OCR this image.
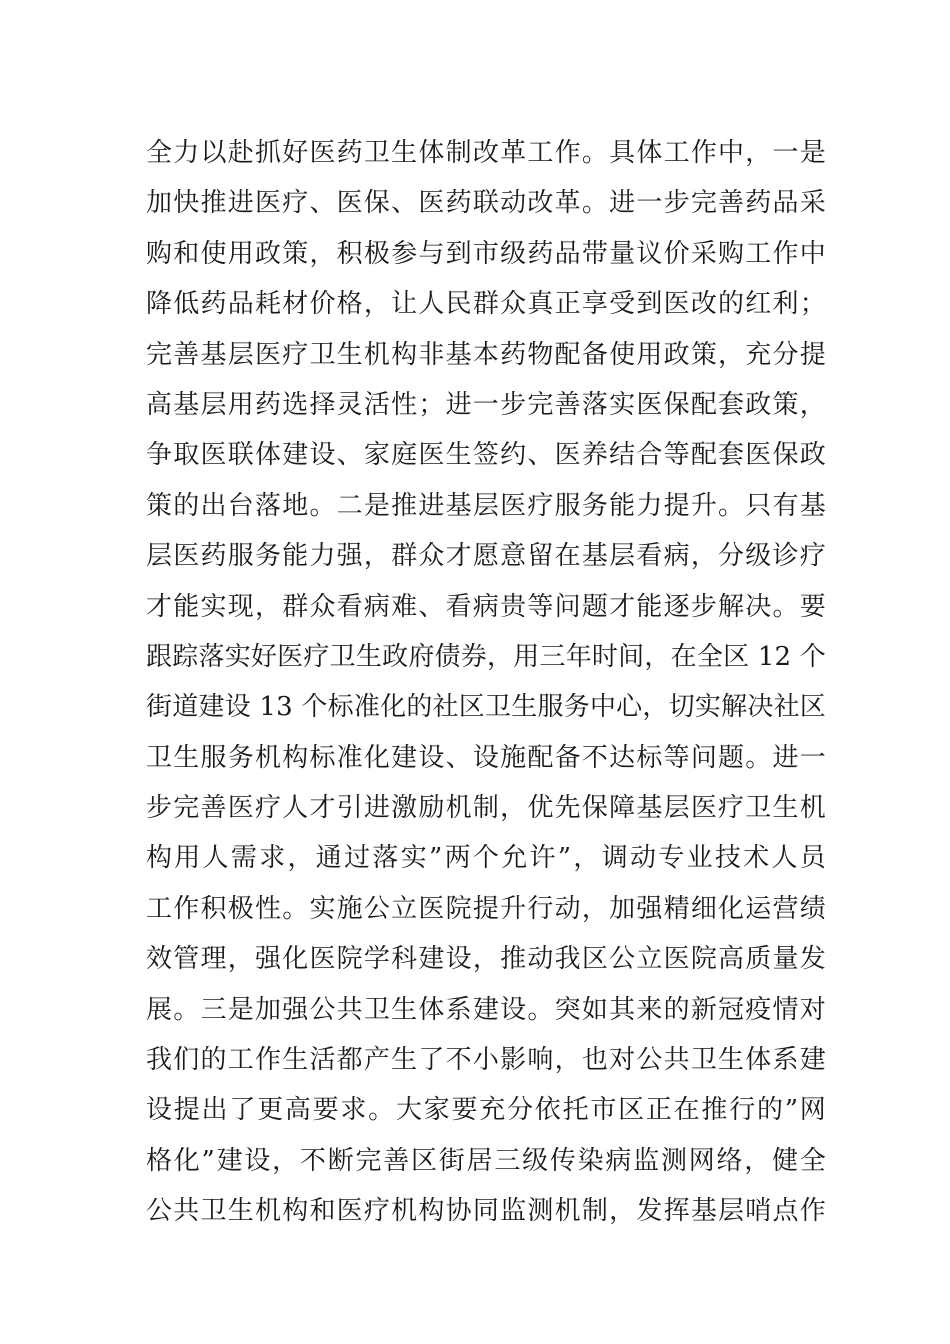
全力以赴抓好医药卫生体制改革工作。具体工作中，一是
加快推进医疗、医保、医药联动改革。进一步完善药品采
购和使用政策，积极参与到市级药品带量议价采购工作中
降低药品耗材价格，让人民群众真正享受到医改的红利；
完善基层医疗卫生机构非基本药物配备使用政策，充分提
高基层用药选择灵活性；进一步完善落实医保配套政策，
争取医联体建设、家庭医生签约、医养结合等配套医保政
策的出台落地。二是推进基层医疗服务能力提升。只有基
层医药服务能力强，群众才愿意留在基层看病，分级诊疗
才能实现，群众看病难、看病贵等问题才能逐步解决。要
跟踪落实好医疗卫生政府债券，用三年时间，在全区 12 个
街道建设 13 个标准化的社区卫生服务中心，切实解决社区
卫生服务机构标准化建设、设施配备不达标等问题。进一
步完善医疗人才引进激励机制，优先保障基层医疗卫生机
构用人需求，通过落实”两个允许”，调动专业技术人员
工作积极性。实施公立医院提升行动，加强精细化运营绩
效管理，强化医院学科建设，推动我区公立医院高质量发
展。三是加强公共卫生体系建设。突如其来的新冠疫情对
我们的工作生活都产生了不小影响，也对公共卫生体系建
设提出了更高要求。大家要充分依托市区正在推行的”网
格化”建设，不断完善区街居三级传染病监测网络，健全
公共卫生机构和医疗机构协同监测机制，发挥基层哨点作
